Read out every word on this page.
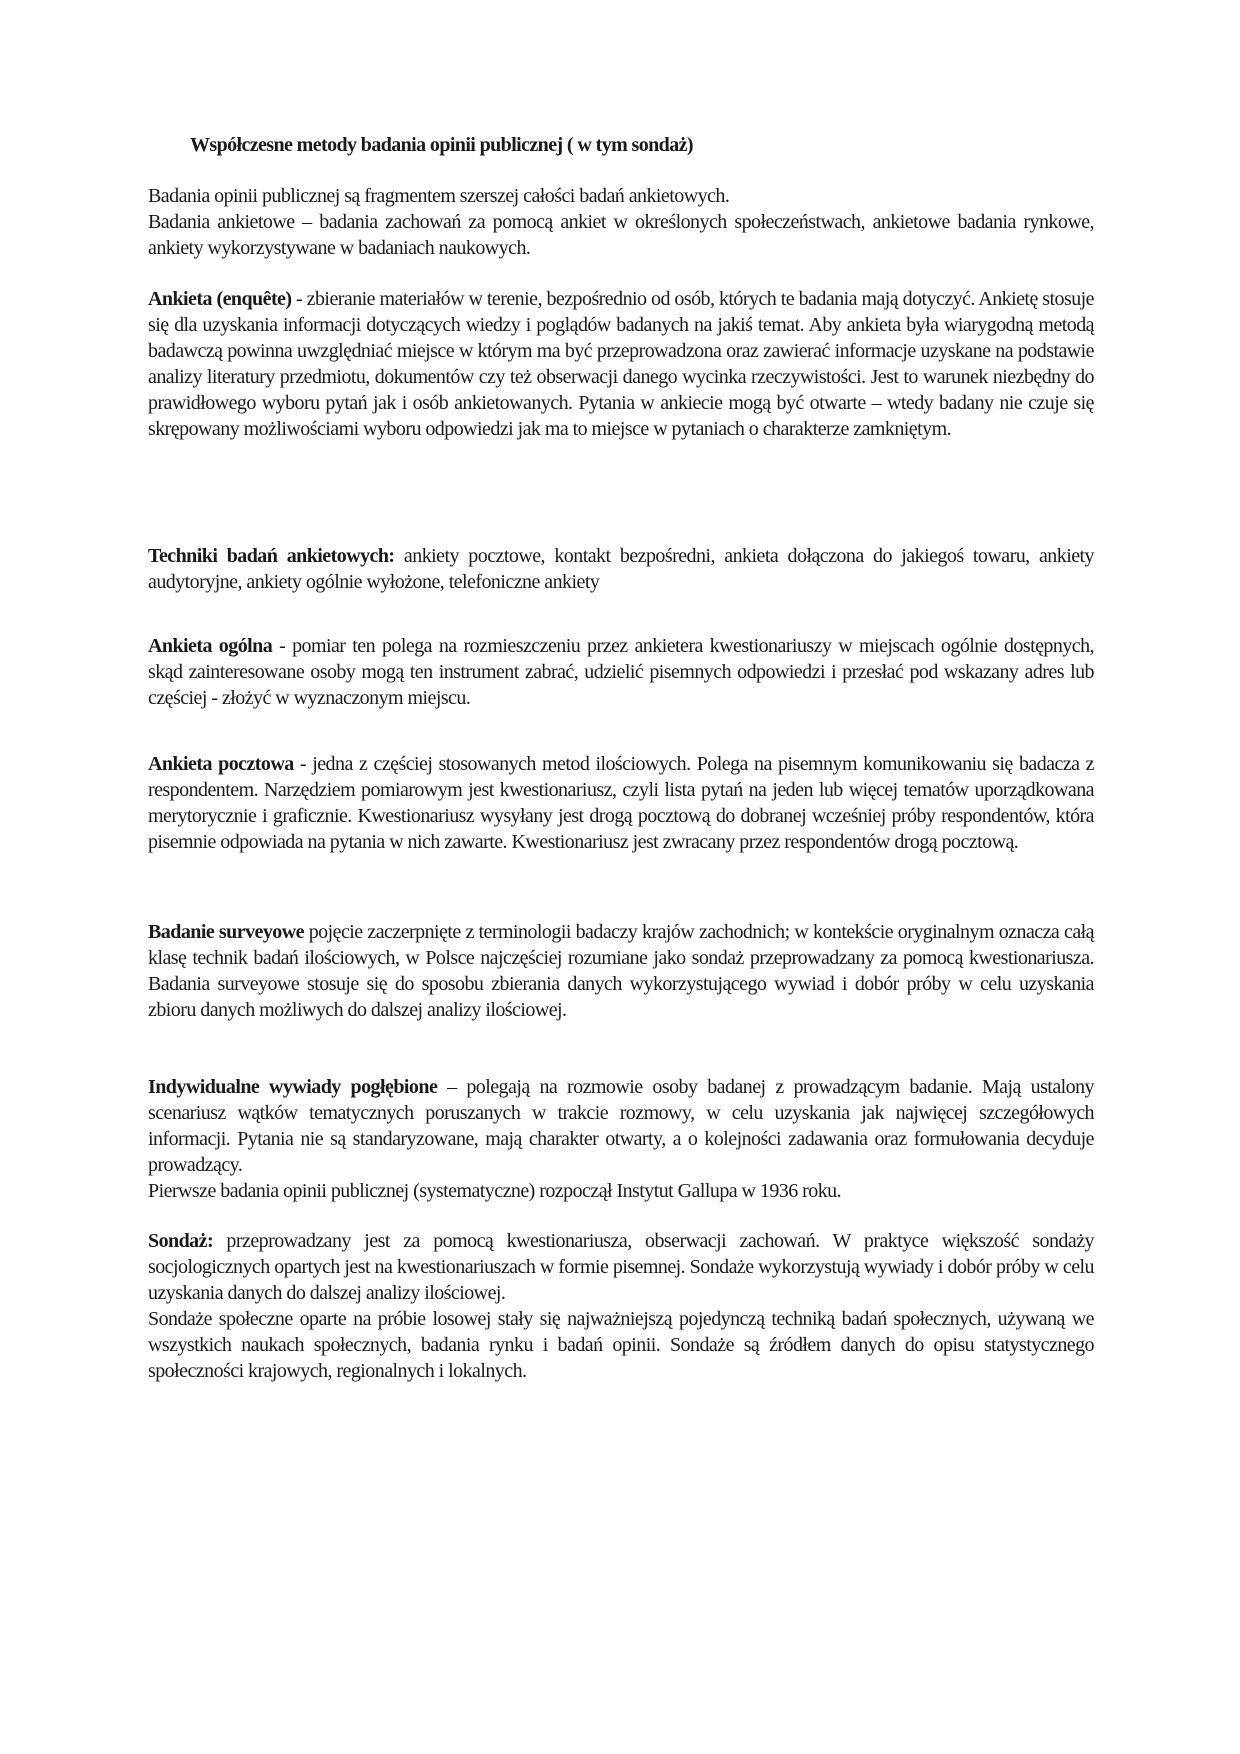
Współczesne metody badania opinii publicznej ( w tym sondaż)

Badania opinii publicznej są fragmentem szerszej całości badań ankietowych.

Badania ankietowe – badania zachowań za pomocą ankiet w określonych społeczeństwach, ankietowe badania rynkowe, ankiety wykorzystywane w badaniach naukowych.

Ankieta (enquête) - zbieranie materiałów w terenie, bezpośrednio od osób, których te badania mają dotyczyć. Ankietę stosuje się dla uzyskania informacji dotyczących wiedzy i poglądów badanych na jakiś temat. Aby ankieta była wiarygodną metodą badawczą powinna uwzględniać miejsce w którym ma być przeprowadzona oraz zawierać informacje uzyskane na podstawie analizy literatury przedmiotu, dokumentów czy też obserwacji danego wycinka rzeczywistości. Jest to warunek niezbędny do prawidłowego wyboru pytań jak i osób ankietowanych. Pytania w ankiecie mogą być otwarte – wtedy badany nie czuje się skrępowany możliwościami wyboru odpowiedzi jak ma to miejsce w pytaniach o charakterze zamkniętym.

Techniki badań ankietowych: ankiety pocztowe, kontakt bezpośredni, ankieta dołączona do jakiegoś towaru, ankiety audytoryjne, ankiety ogólnie wyłożone, telefoniczne ankiety

Ankieta ogólna - pomiar ten polega na rozmieszczeniu przez ankietera kwestionariuszy w miejscach ogólnie dostępnych, skąd zainteresowane osoby mogą ten instrument zabrać, udzielić pisemnych odpowiedzi i przesłać pod wskazany adres lub częściej - złożyć w wyznaczonym miejscu.

Ankieta pocztowa - jedna z częściej stosowanych metod ilościowych. Polega na pisemnym komunikowaniu się badacza z respondentem. Narzędziem pomiarowym jest kwestionariusz, czyli lista pytań na jeden lub więcej tematów uporządkowana merytorycznie i graficznie. Kwestionariusz wysyłany jest drogą pocztową do dobranej wcześniej próby respondentów, która pisemnie odpowiada na pytania w nich zawarte. Kwestionariusz jest zwracany przez respondentów drogą pocztową.

Badanie surveyowe pojęcie zaczerpnięte z terminologii badaczy krajów zachodnich; w kontekście oryginalnym oznacza całą klasę technik badań ilościowych, w Polsce najczęściej rozumiane jako sondaż przeprowadzany za pomocą kwestionariusza. Badania surveyowe stosuje się do sposobu zbierania danych wykorzystującego wywiad i dobór próby w celu uzyskania zbioru danych możliwych do dalszej analizy ilościowej.

Indywidualne wywiady pogłębione – polegają na rozmowie osoby badanej z prowadzącym badanie. Mają ustalony scenariusz wątków tematycznych poruszanych w trakcie rozmowy, w celu uzyskania jak najwięcej szczegółowych informacji. Pytania nie są standaryzowane, mają charakter otwarty, a o kolejności zadawania oraz formułowania decyduje prowadzący.

Pierwsze badania opinii publicznej (systematyczne) rozpoczął Instytut Gallupa w 1936 roku.

Sondaż: przeprowadzany jest za pomocą kwestionariusza, obserwacji zachowań. W praktyce większość sondaży socjologicznych opartych jest na kwestionariuszach w formie pisemnej. Sondaże wykorzystują wywiady i dobór próby w celu uzyskania danych do dalszej analizy ilościowej.

Sondaże społeczne oparte na próbie losowej stały się najważniejszą pojedynczą techniką badań społecznych, używaną we wszystkich naukach społecznych, badania rynku i badań opinii. Sondaże są źródłem danych do opisu statystycznego społeczności krajowych, regionalnych i lokalnych.
